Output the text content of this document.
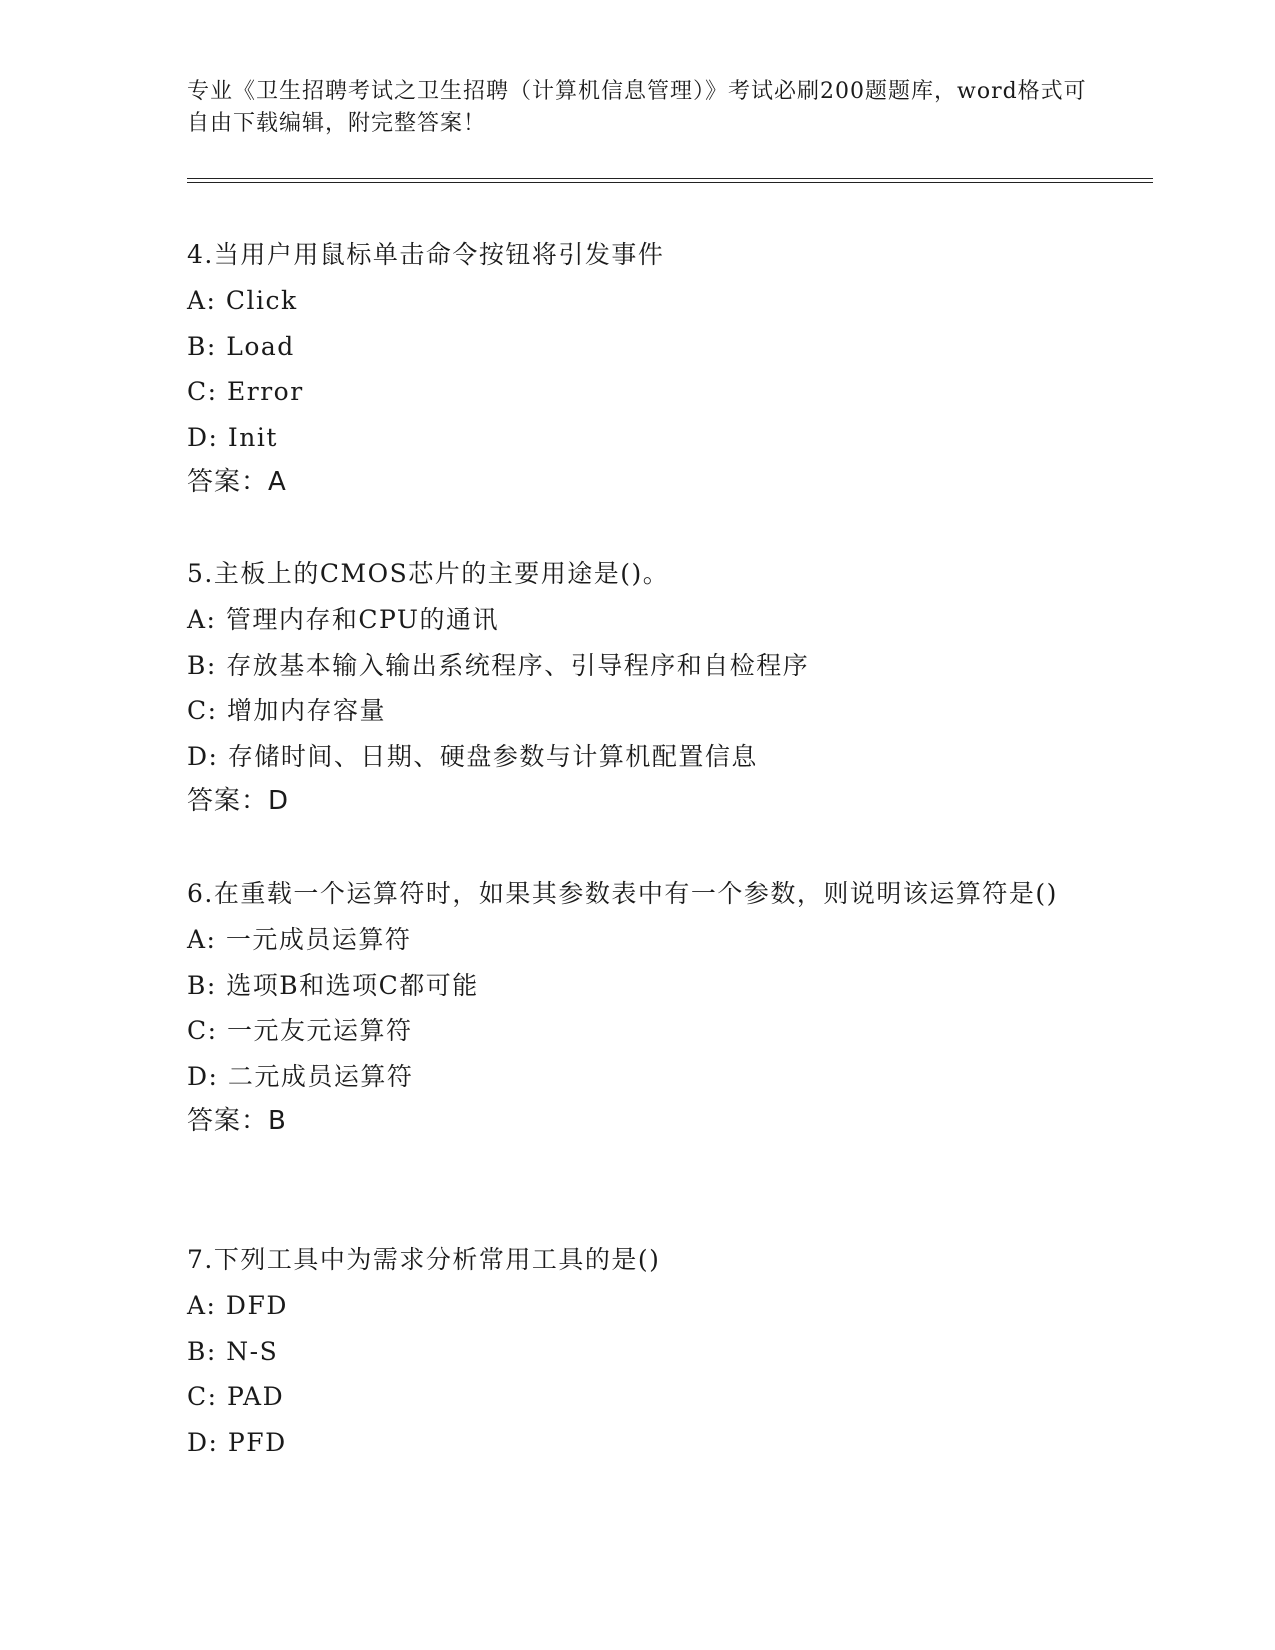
专业《卫生招聘考试之卫生招聘（计算机信息管理）》考试必刷200题题库，word格式可自由下载编辑，附完整答案！

4.当用户用鼠标单击命令按钮将引发事件

A: Click

B: Load

C: Error

D: Init

答案：A

5.主板上的CMOS芯片的主要用途是()。

A: 管理内存和CPU的通讯

B: 存放基本输入输出系统程序、引导程序和自检程序

C: 增加内存容量

D: 存储时间、日期、硬盘参数与计算机配置信息

答案：D

6.在重载一个运算符时，如果其参数表中有一个参数，则说明该运算符是()

A: 一元成员运算符

B: 选项B和选项C都可能

C: 一元友元运算符

D: 二元成员运算符

答案：B

7.下列工具中为需求分析常用工具的是()

A: DFD

B: N-S

C: PAD

D: PFD
